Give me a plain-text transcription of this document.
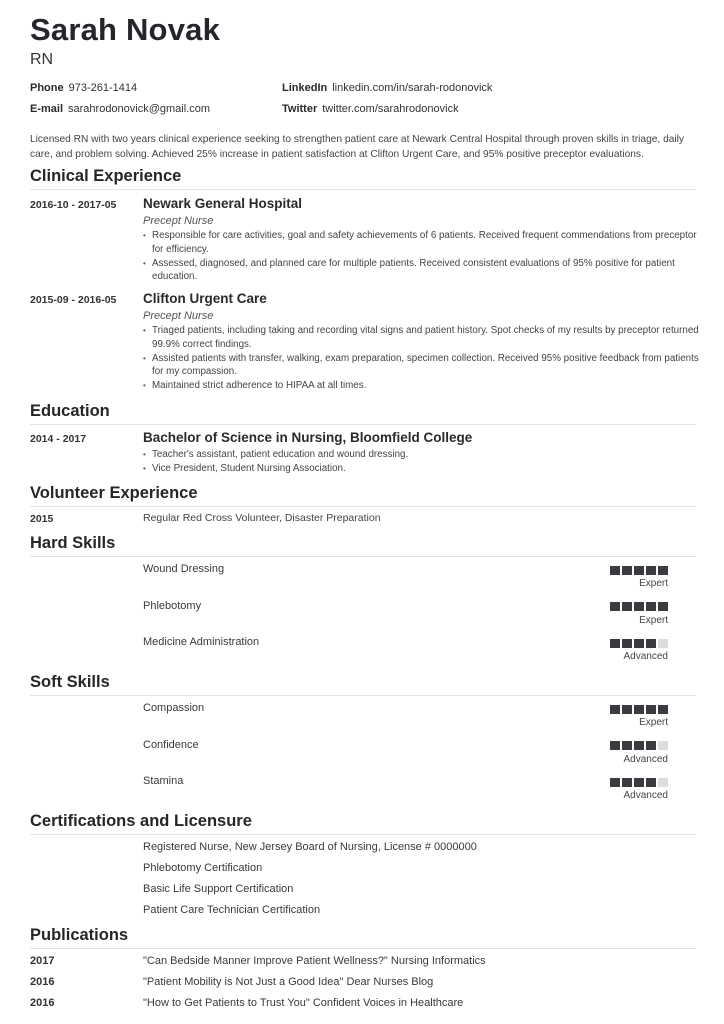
Sarah Novak
RN
Phone 973-261-1414
E-mail sarahrodonovick@gmail.com
LinkedIn linkedin.com/in/sarah-rodonovick
Twitter twitter.com/sarahrodonovick
Licensed RN with two years clinical experience seeking to strengthen patient care at Newark Central Hospital through proven skills in triage, daily care, and problem solving. Achieved 25% increase in patient satisfaction at Clifton Urgent Care, and 95% positive preceptor evaluations.
Clinical Experience
2016-10 - 2017-05 Newark General Hospital
Precept Nurse
• Responsible for care activities, goal and safety achievements of 6 patients. Received frequent commendations from preceptor for efficiency.
• Assessed, diagnosed, and planned care for multiple patients. Received consistent evaluations of 95% positive for patient education.
2015-09 - 2016-05 Clifton Urgent Care
Precept Nurse
• Triaged patients, including taking and recording vital signs and patient history. Spot checks of my results by preceptor returned 99.9% correct findings.
• Assisted patients with transfer, walking, exam preparation, specimen collection. Received 95% positive feedback from patients for my compassion.
• Maintained strict adherence to HIPAA at all times.
Education
2014 - 2017	Bachelor of Science in Nursing, Bloomfield College
• Teacher's assistant, patient education and wound dressing.
• Vice President, Student Nursing Association.
Volunteer Experience
2015	Regular Red Cross Volunteer, Disaster Preparation
Hard Skills
Wound Dressing
Expert
Phlebotomy
Expert
Medicine Administration
Advanced
Soft Skills
Compassion
Expert
Confidence
Advanced
Stamina
Advanced
Certifications and Licensure
Registered Nurse, New Jersey Board of Nursing, License # 0000000
Phlebotomy Certification
Basic Life Support Certification
Patient Care Technician Certification
Publications
2017	"Can Bedside Manner Improve Patient Wellness?" Nursing Informatics
2016	"Patient Mobility is Not Just a Good Idea" Dear Nurses Blog
2016	"How to Get Patients to Trust You" Confident Voices in Healthcare
